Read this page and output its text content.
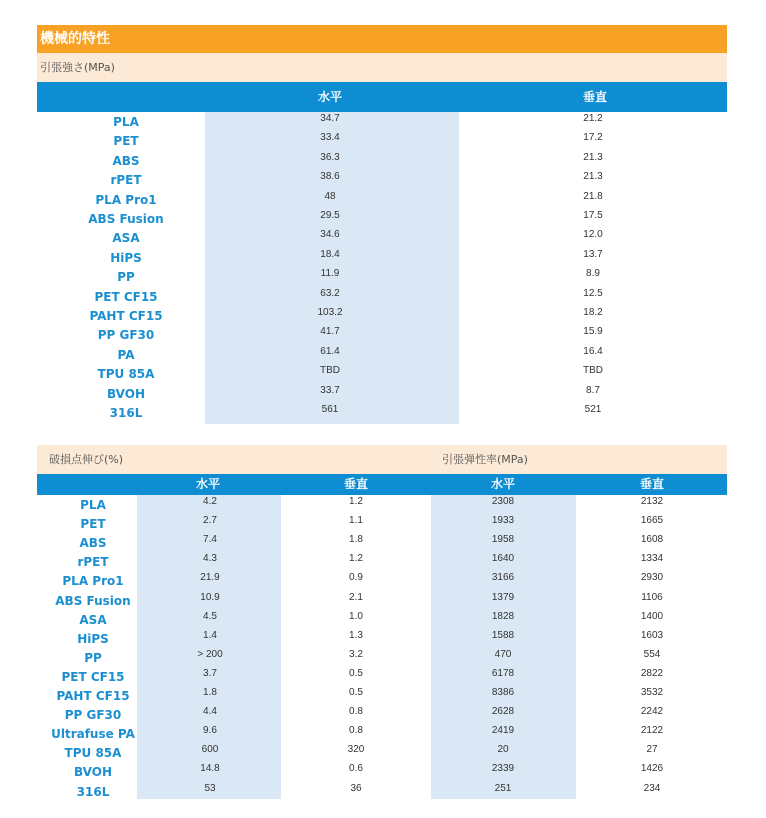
機械的特性
引張強さ(MPa)
水平	垂直
PLA	34.7	21.2
PET	33.4	17.2
ABS	36.3	21.3
rPET	38.6	21.3
PLA Pro1	48	21.8
ABS Fusion	29.5	17.5
ASA	34.6	12.0
HiPS	18.4	13.7
PP	11.9	8.9
PET CF15	63.2	12.5
PAHT CF15	103.2	18.2
PP GF30	41.7	15.9
PA	61.4	16.4
TPU 85A	TBD	TBD
BVOH	33.7	8.7
316L	561	521
破損点伸び(%)	引張弾性率(MPa)
水平	垂直	水平	垂直
PLA	4.2	1.2	2308	2132
PET	2.7	1.1	1933	1665
ABS	7.4	1.8	1958	1608
rPET	4.3	1.2	1640	1334
PLA Pro1	21.9	0.9	3166	2930
ABS Fusion	10.9	2.1	1379	1106
ASA	4.5	1.0	1828	1400
HiPS	1.4	1.3	1588	1603
PP	> 200	3.2	470	554
PET CF15	3.7	0.5	6178	2822
PAHT CF15	1.8	0.5	8386	3532
PP GF30	4.4	0.8	2628	2242
Ultrafuse PA	9.6	0.8	2419	2122
TPU 85A	600	320	20	27
BVOH	14.8	0.6	2339	1426
316L	53	36	251	234
